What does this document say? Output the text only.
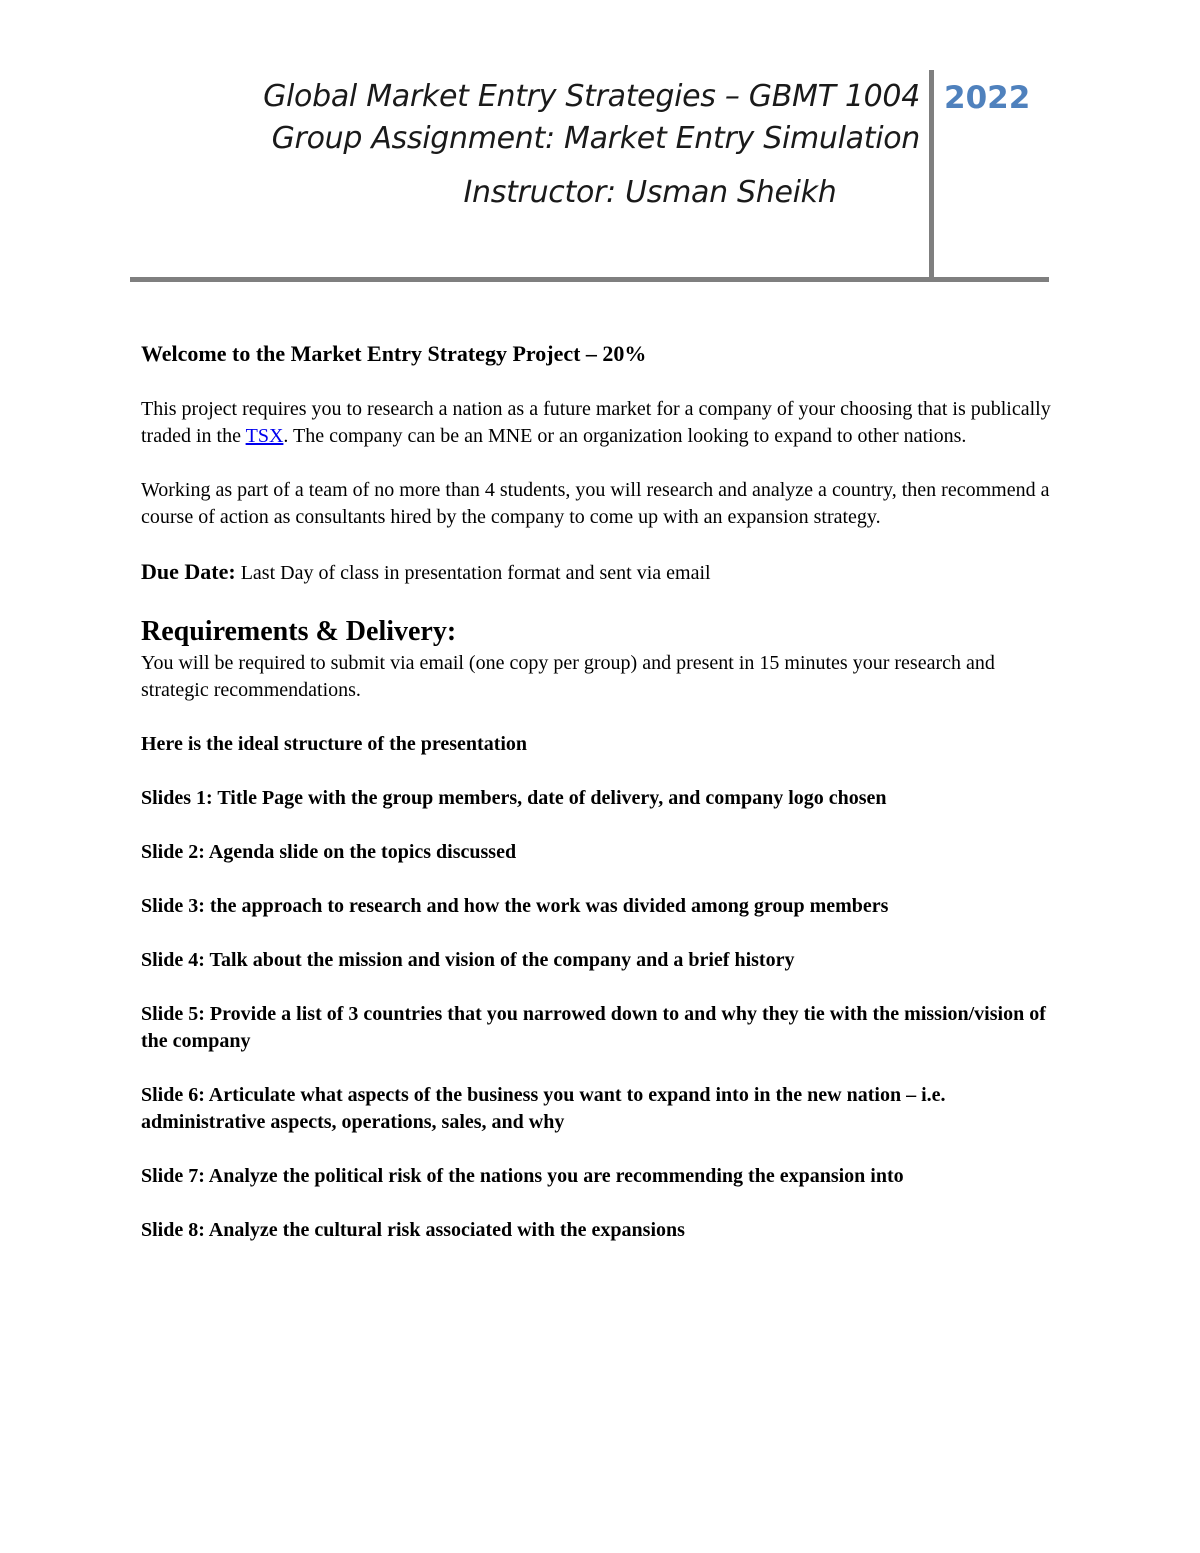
Global Market Entry Strategies – GBMT 1004
Group Assignment: Market Entry Simulation
Instructor: Usman Sheikh
2022

Welcome to the Market Entry Strategy Project – 20%

This project requires you to research a nation as a future market for a company of your choosing that is publically traded in the TSX. The company can be an MNE or an organization looking to expand to other nations.

Working as part of a team of no more than 4 students, you will research and analyze a country, then recommend a course of action as consultants hired by the company to come up with an expansion strategy.

Due Date: Last Day of class in presentation format and sent via email

Requirements & Delivery:

You will be required to submit via email (one copy per group) and present in 15 minutes your research and strategic recommendations.

Here is the ideal structure of the presentation

Slides 1: Title Page with the group members, date of delivery, and company logo chosen

Slide 2: Agenda slide on the topics discussed

Slide 3: the approach to research and how the work was divided among group members

Slide 4: Talk about the mission and vision of the company and a brief history

Slide 5: Provide a list of 3 countries that you narrowed down to and why they tie with the mission/vision of the company

Slide 6: Articulate what aspects of the business you want to expand into in the new nation – i.e. administrative aspects, operations, sales, and why

Slide 7: Analyze the political risk of the nations you are recommending the expansion into

Slide 8: Analyze the cultural risk associated with the expansions
